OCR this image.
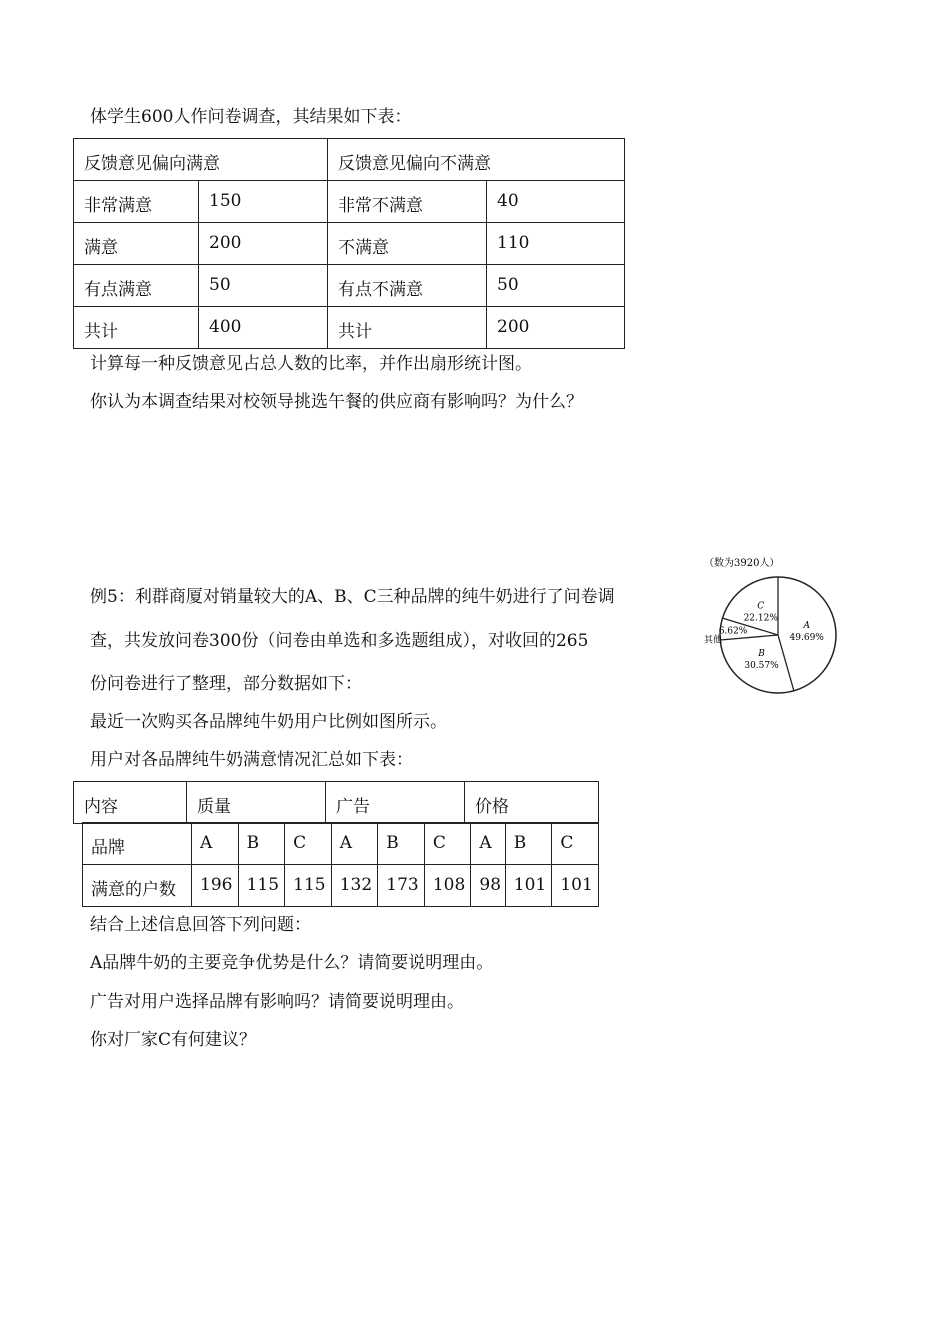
体学生600人作问卷调查，其结果如下表：
反馈意见偏向满意		反馈意见偏向不满意	
非常满意	150	非常不满意	40
满意	200	不满意	110
有点满意	50	有点不满意	50
共计	400	共计	200
计算每一种反馈意见占总人数的比率，并作出扇形统计图。
你认为本调查结果对校领导挑选午餐的供应商有影响吗？为什么？
例5：利群商厦对销量较大的A、B、C三种品牌的纯牛奶进行了问卷调
查，共发放问卷300份（问卷由单选和多选题组成），对收回的265
份问卷进行了整理，部分数据如下：
最近一次购买各品牌纯牛奶用户比例如图所示。
用户对各品牌纯牛奶满意情况汇总如下表：
（数为3920人）
A
49.69%
B
30.57%
6.62%
其他
C
22.12%
内容	质量	广告	价格
品牌	A	B	C	A	B	C	A	B	C
满意的户数	196	115	115	132	173	108	98	101	101
结合上述信息回答下列问题：
A品牌牛奶的主要竞争优势是什么？请简要说明理由。
广告对用户选择品牌有影响吗？请简要说明理由。
你对厂家C有何建议？
